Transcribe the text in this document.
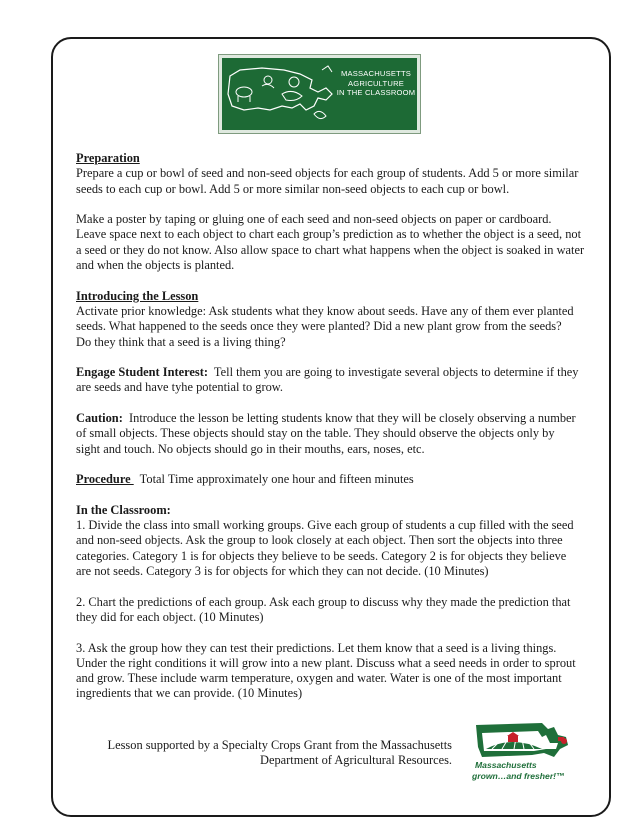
MASSACHUSETTS
AGRICULTURE
IN THE CLASSROOM

Preparation
Prepare a cup or bowl of seed and non-seed objects for each group of students. Add 5 or more similar
seeds to each cup or bowl. Add 5 or more similar non-seed objects to each cup or bowl.

Make a poster by taping or gluing one of each seed and non-seed objects on paper or cardboard.
Leave space next to each object to chart each group’s prediction as to whether the object is a seed, not
a seed or they do not know. Also allow space to chart what happens when the object is soaked in water
and when the objects is planted.

Introducing the Lesson
Activate prior knowledge: Ask students what they know about seeds. Have any of them ever planted
seeds. What happened to the seeds once they were planted? Did a new plant grow from the seeds?
Do they think that a seed is a living thing?

Engage Student Interest:  Tell them you are going to investigate several objects to determine if they
are seeds and have tyhe potential to grow.

Caution:  Introduce the lesson be letting students know that they will be closely observing a number
of small objects. These objects should stay on the table. They should observe the objects only by
sight and touch. No objects should go in their mouths, ears, noses, etc.

Procedure   Total Time approximately one hour and fifteen minutes

In the Classroom:
1. Divide the class into small working groups. Give each group of students a cup filled with the seed
and non-seed objects. Ask the group to look closely at each object. Then sort the objects into three
categories. Category 1 is for objects they believe to be seeds. Category 2 is for objects they believe
are not seeds. Category 3 is for objects for which they can not decide. (10 Minutes)

2. Chart the predictions of each group. Ask each group to discuss why they made the prediction that
they did for each object. (10 Minutes)

3. Ask the group how they can test their predictions. Let them know that a seed is a living things.
Under the right conditions it will grow into a new plant. Discuss what a seed needs in order to sprout
and grow. These include warm temperature, oxygen and water. Water is one of the most important
ingredients that we can provide. (10 Minutes)

Lesson supported by a Specialty Crops Grant from the Massachusetts
Department of Agricultural Resources.	Massachusetts
grown…and fresher!™
